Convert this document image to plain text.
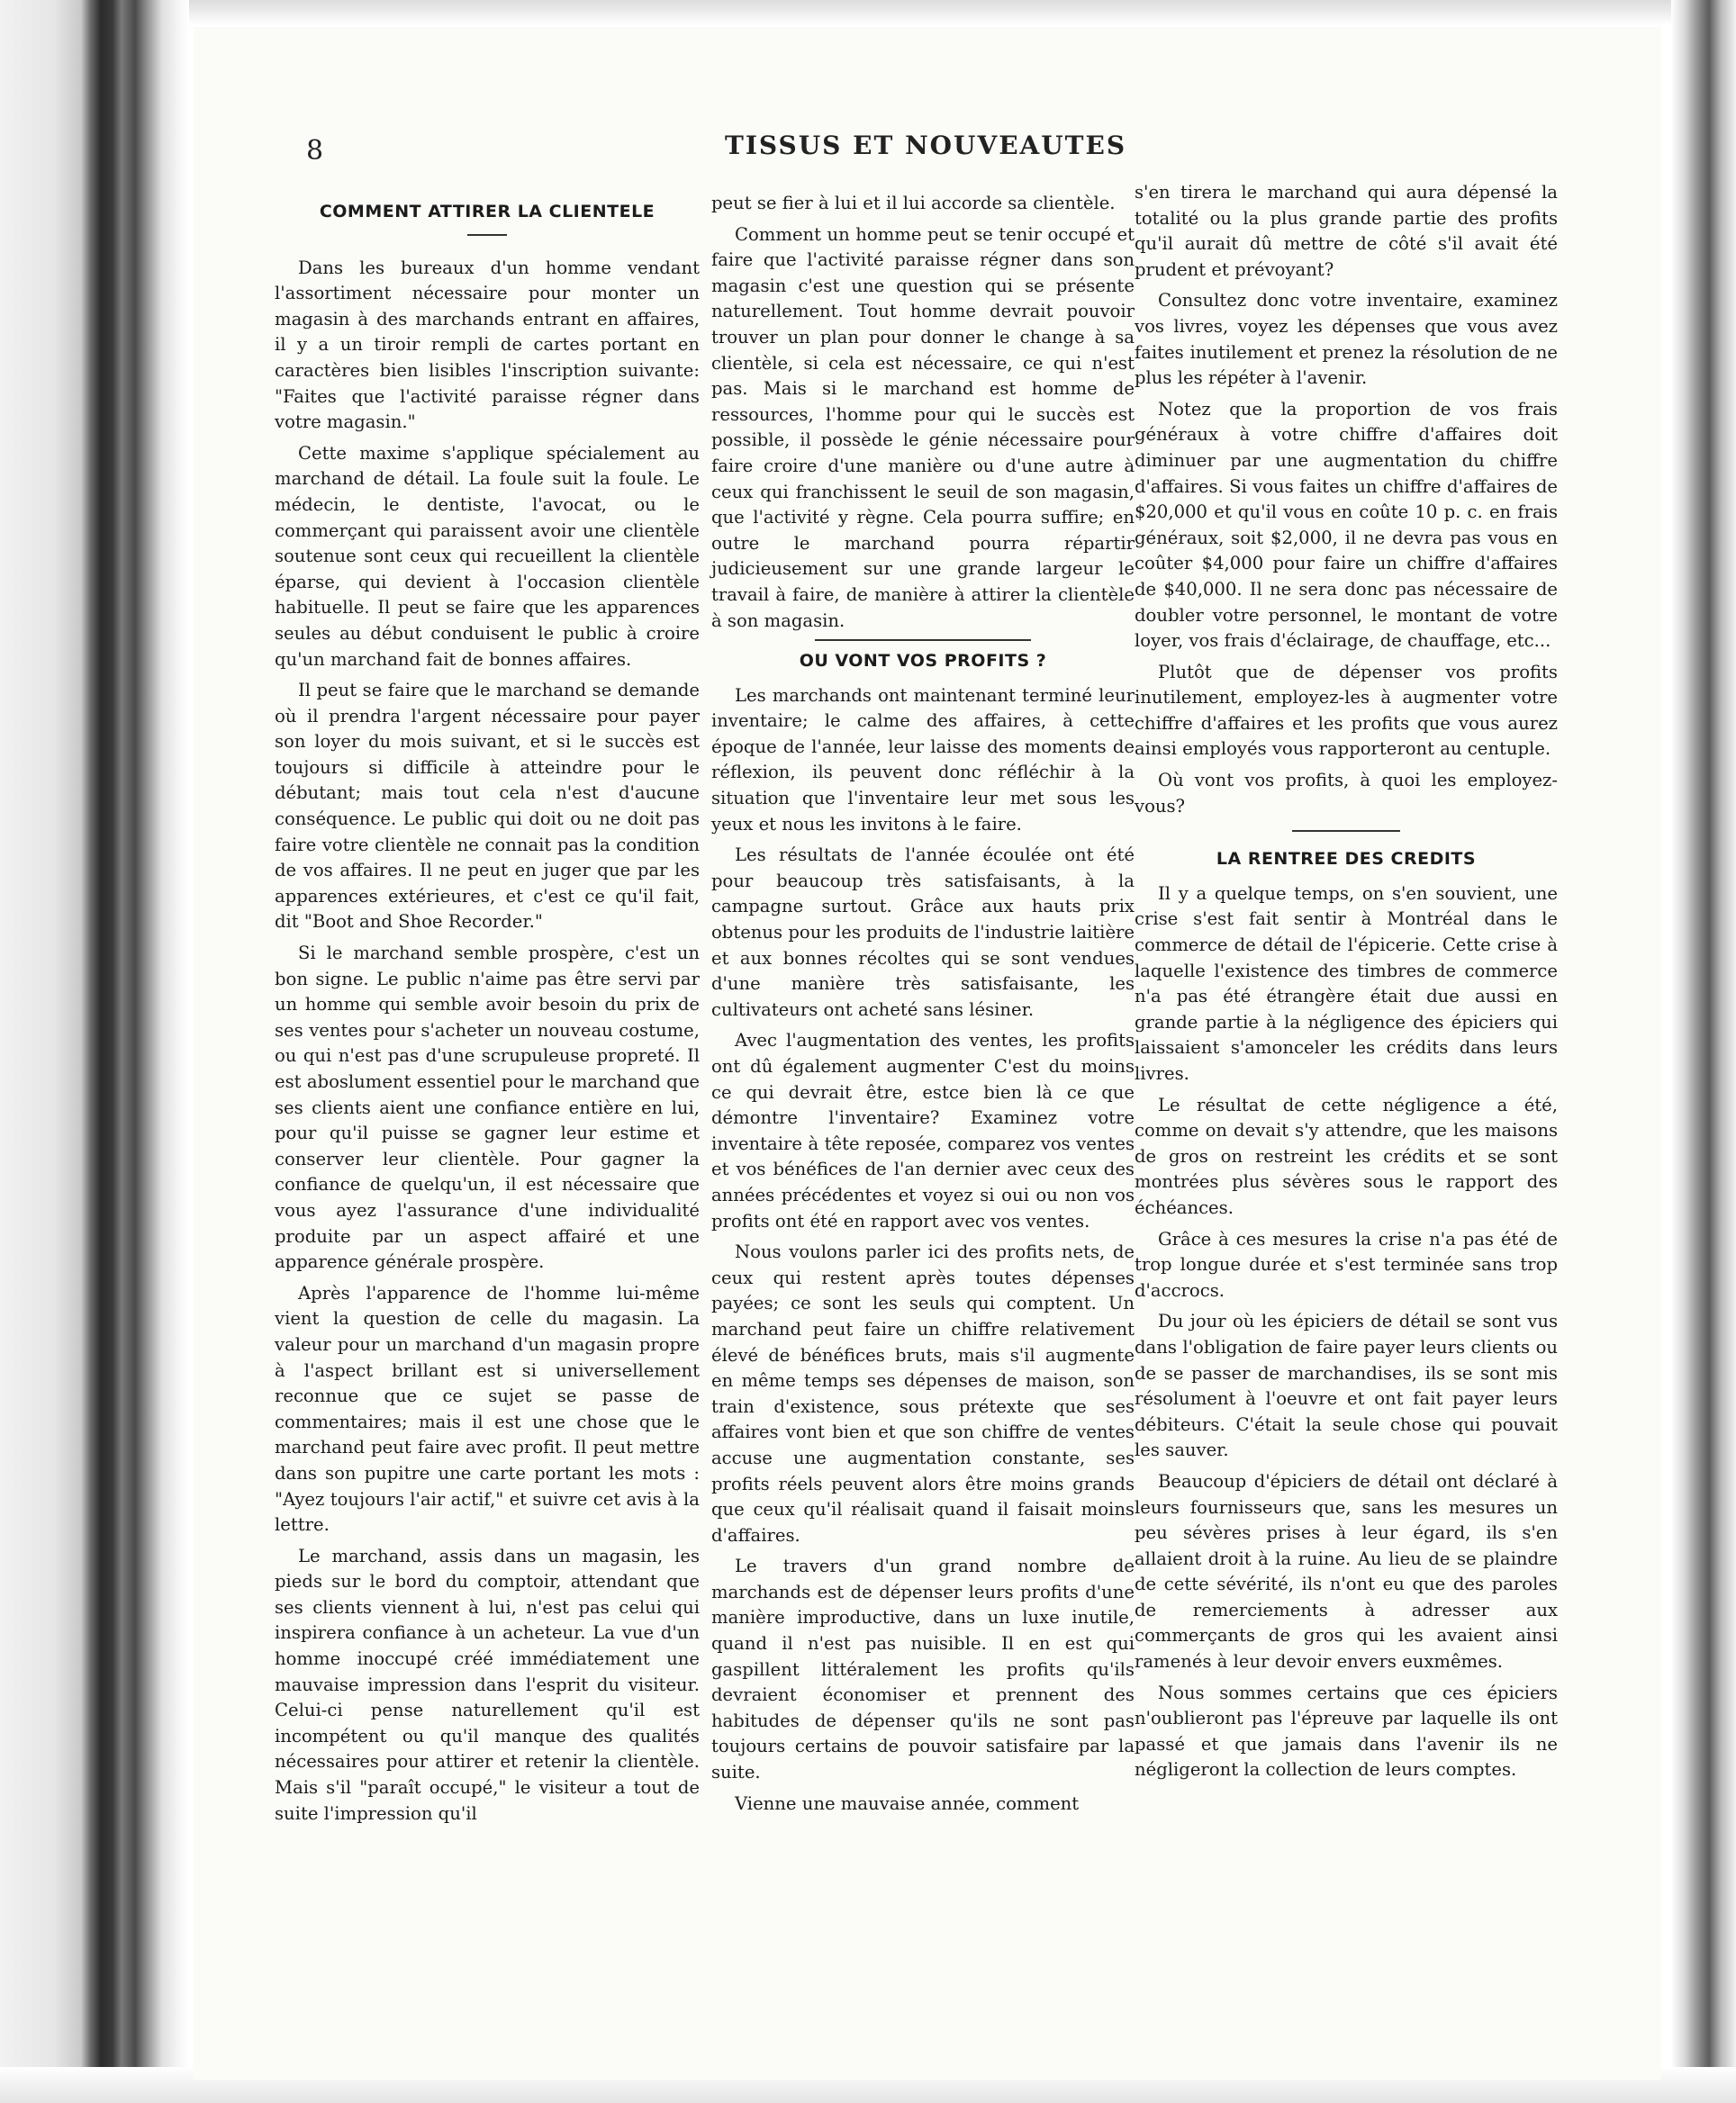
8	TISSUS ET NOUVEAUTES
COMMENT ATTIRER LA CLIENTELE

Dans les bureaux d'un homme vendant l'assortiment nécessaire pour monter un magasin à des marchands entrant en affaires, il y a un tiroir rempli de cartes portant en caractères bien lisibles l'inscription suivante: "Faites que l'activité paraisse régner dans votre magasin."

Cette maxime s'applique spécialement au marchand de détail. La foule suit la foule. Le médecin, le dentiste, l'avocat, ou le commerçant qui paraissent avoir une clientèle soutenue sont ceux qui recueillent la clientèle éparse, qui devient à l'occasion clientèle habituelle. Il peut se faire que les apparences seules au début conduisent le public à croire qu'un marchand fait de bonnes affaires.

Il peut se faire que le marchand se demande où il prendra l'argent nécessaire pour payer son loyer du mois suivant, et si le succès est toujours si difficile à atteindre pour le débutant; mais tout cela n'est d'aucune conséquence. Le public qui doit ou ne doit pas faire votre clientèle ne connait pas la condition de vos affaires. Il ne peut en juger que par les apparences extérieures, et c'est ce qu'il fait, dit "Boot and Shoe Recorder."

Si le marchand semble prospère, c'est un bon signe. Le public n'aime pas être servi par un homme qui semble avoir besoin du prix de ses ventes pour s'acheter un nouveau costume, ou qui n'est pas d'une scrupuleuse propreté. Il est aboslument essentiel pour le marchand que ses clients aient une confiance entière en lui, pour qu'il puisse se gagner leur estime et conserver leur clientèle. Pour gagner la confiance de quelqu'un, il est nécessaire que vous ayez l'assurance d'une individualité produite par un aspect affairé et une apparence générale prospère.

Après l'apparence de l'homme lui-même vient la question de celle du magasin. La valeur pour un marchand d'un magasin propre à l'aspect brillant est si universellement reconnue que ce sujet se passe de commentaires; mais il est une chose que le marchand peut faire avec profit. Il peut mettre dans son pupitre une carte portant les mots : "Ayez toujours l'air actif," et suivre cet avis à la lettre.

Le marchand, assis dans un magasin, les pieds sur le bord du comptoir, attendant que ses clients viennent à lui, n'est pas celui qui inspirera confiance à un acheteur. La vue d'un homme inoccupé créé immédiatement une mauvaise impression dans l'esprit du visiteur. Celui-ci pense naturellement qu'il est incompétent ou qu'il manque des qualités nécessaires pour attirer et retenir la clientèle. Mais s'il "paraît occupé," le visiteur a tout de suite l'impression qu'il

peut se fier à lui et il lui accorde sa clientèle.

Comment un homme peut se tenir occupé et faire que l'activité paraisse régner dans son magasin c'est une question qui se présente naturellement. Tout homme devrait pouvoir trouver un plan pour donner le change à sa clientèle, si cela est nécessaire, ce qui n'est pas. Mais si le marchand est homme de ressources, l'homme pour qui le succès est possible, il possède le génie nécessaire pour faire croire d'une manière ou d'une autre à ceux qui franchissent le seuil de son magasin, que l'activité y règne. Cela pourra suffire; en outre le marchand pourra répartir judicieusement sur une grande largeur le travail à faire, de manière à attirer la clientèle à son magasin.

OU VONT VOS PROFITS ?

Les marchands ont maintenant terminé leur inventaire; le calme des affaires, à cette époque de l'année, leur laisse des moments de réflexion, ils peuvent donc réfléchir à la situation que l'inventaire leur met sous les yeux et nous les invitons à le faire.

Les résultats de l'année écoulée ont été pour beaucoup très satisfaisants, à la campagne surtout. Grâce aux hauts prix obtenus pour les produits de l'industrie laitière et aux bonnes récoltes qui se sont vendues d'une manière très satisfaisante, les cultivateurs ont acheté sans lésiner.

Avec l'augmentation des ventes, les profits ont dû également augmenter C'est du moins ce qui devrait être, estce bien là ce que démontre l'inventaire? Examinez votre inventaire à tête reposée, comparez vos ventes et vos bénéfices de l'an dernier avec ceux des années précédentes et voyez si oui ou non vos profits ont été en rapport avec vos ventes.

Nous voulons parler ici des profits nets, de ceux qui restent après toutes dépenses payées; ce sont les seuls qui comptent. Un marchand peut faire un chiffre relativement élevé de bénéfices bruts, mais s'il augmente en même temps ses dépenses de maison, son train d'existence, sous prétexte que ses affaires vont bien et que son chiffre de ventes accuse une augmentation constante, ses profits réels peuvent alors être moins grands que ceux qu'il réalisait quand il faisait moins d'affaires.

Le travers d'un grand nombre de marchands est de dépenser leurs profits d'une manière improductive, dans un luxe inutile, quand il n'est pas nuisible. Il en est qui gaspillent littéralement les profits qu'ils devraient économiser et prennent des habitudes de dépenser qu'ils ne sont pas toujours certains de pouvoir satisfaire par la suite.

Vienne une mauvaise année, comment

s'en tirera le marchand qui aura dépensé la totalité ou la plus grande partie des profits qu'il aurait dû mettre de côté s'il avait été prudent et prévoyant?

Consultez donc votre inventaire, examinez vos livres, voyez les dépenses que vous avez faites inutilement et prenez la résolution de ne plus les répéter à l'avenir.

Notez que la proportion de vos frais généraux à votre chiffre d'affaires doit diminuer par une augmentation du chiffre d'affaires. Si vous faites un chiffre d'affaires de $20,000 et qu'il vous en coûte 10 p. c. en frais généraux, soit $2,000, il ne devra pas vous en coûter $4,000 pour faire un chiffre d'affaires de $40,000. Il ne sera donc pas nécessaire de doubler votre personnel, le montant de votre loyer, vos frais d'éclairage, de chauffage, etc...

Plutôt que de dépenser vos profits inutilement, employez-les à augmenter votre chiffre d'affaires et les profits que vous aurez ainsi employés vous rapporteront au centuple.

Où vont vos profits, à quoi les employez-vous?

LA RENTREE DES CREDITS

Il y a quelque temps, on s'en souvient, une crise s'est fait sentir à Montréal dans le commerce de détail de l'épicerie. Cette crise à laquelle l'existence des timbres de commerce n'a pas été étrangère était due aussi en grande partie à la négligence des épiciers qui laissaient s'amonceler les crédits dans leurs livres.

Le résultat de cette négligence a été, comme on devait s'y attendre, que les maisons de gros on restreint les crédits et se sont montrées plus sévères sous le rapport des échéances.

Grâce à ces mesures la crise n'a pas été de trop longue durée et s'est terminée sans trop d'accrocs.

Du jour où les épiciers de détail se sont vus dans l'obligation de faire payer leurs clients ou de se passer de marchandises, ils se sont mis résolument à l'oeuvre et ont fait payer leurs débiteurs. C'était la seule chose qui pouvait les sauver.

Beaucoup d'épiciers de détail ont déclaré à leurs fournisseurs que, sans les mesures un peu sévères prises à leur égard, ils s'en allaient droit à la ruine. Au lieu de se plaindre de cette sévérité, ils n'ont eu que des paroles de remerciements à adresser aux commerçants de gros qui les avaient ainsi ramenés à leur devoir envers euxmêmes.

Nous sommes certains que ces épiciers n'oublieront pas l'épreuve par laquelle ils ont passé et que jamais dans l'avenir ils ne négligeront la collection de leurs comptes.
